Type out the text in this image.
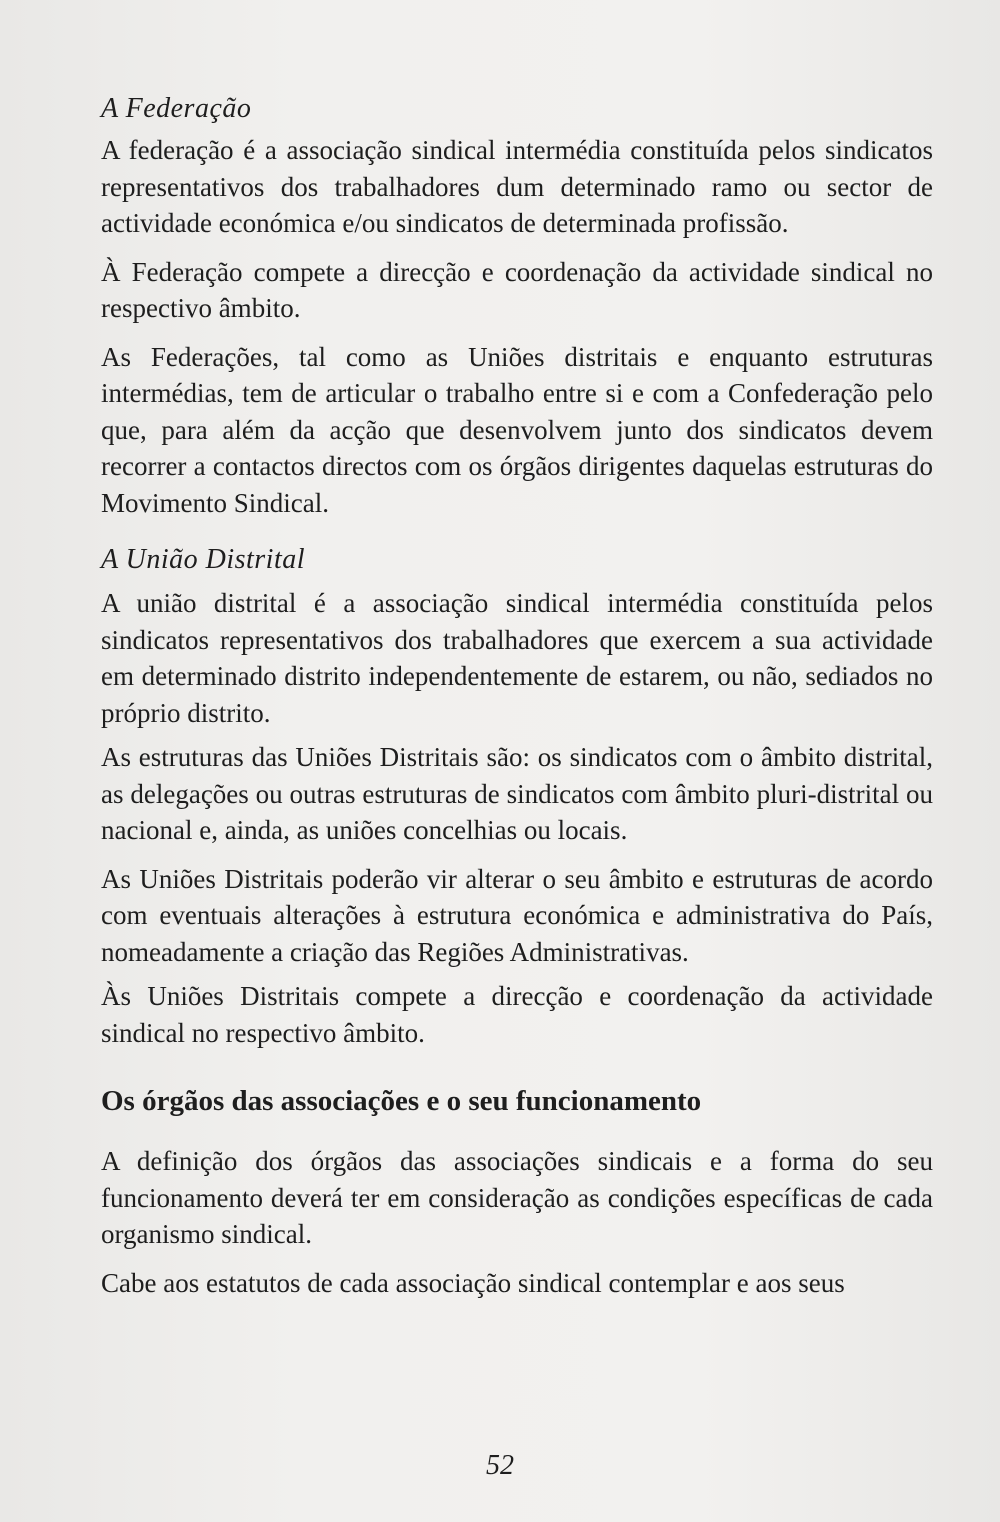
A Federação

A federação é a associação sindical intermédia constituída pelos sindicatos representativos dos trabalhadores dum determinado ramo ou sector de actividade económica e/ou sindicatos de determinada profissão.

À Federação compete a direcção e coordenação da actividade sindical no respectivo âmbito.

As Federações, tal como as Uniões distritais e enquanto estruturas intermédias, tem de articular o trabalho entre si e com a Confederação pelo que, para além da acção que desenvolvem junto dos sindicatos devem recorrer a contactos directos com os órgãos dirigentes daquelas estruturas do Movimento Sindical.

A União Distrital

A união distrital é a associação sindical intermédia constituída pelos sindicatos representativos dos trabalhadores que exercem a sua actividade em determinado distrito independentemente de estarem, ou não, sediados no próprio distrito.

As estruturas das Uniões Distritais são: os sindicatos com o âmbito distrital, as delegações ou outras estruturas de sindicatos com âmbito pluri-distrital ou nacional e, ainda, as uniões concelhias ou locais.

As Uniões Distritais poderão vir alterar o seu âmbito e estruturas de acordo com eventuais alterações à estrutura económica e administrativa do País, nomeadamente a criação das Regiões Administrativas.

Às Uniões Distritais compete a direcção e coordenação da actividade sindical no respectivo âmbito.

Os órgãos das associações e o seu funcionamento

A definição dos órgãos das associações sindicais e a forma do seu funcionamento deverá ter em consideração as condições específicas de cada organismo sindical.

Cabe aos estatutos de cada associação sindical contemplar e aos seus

52
